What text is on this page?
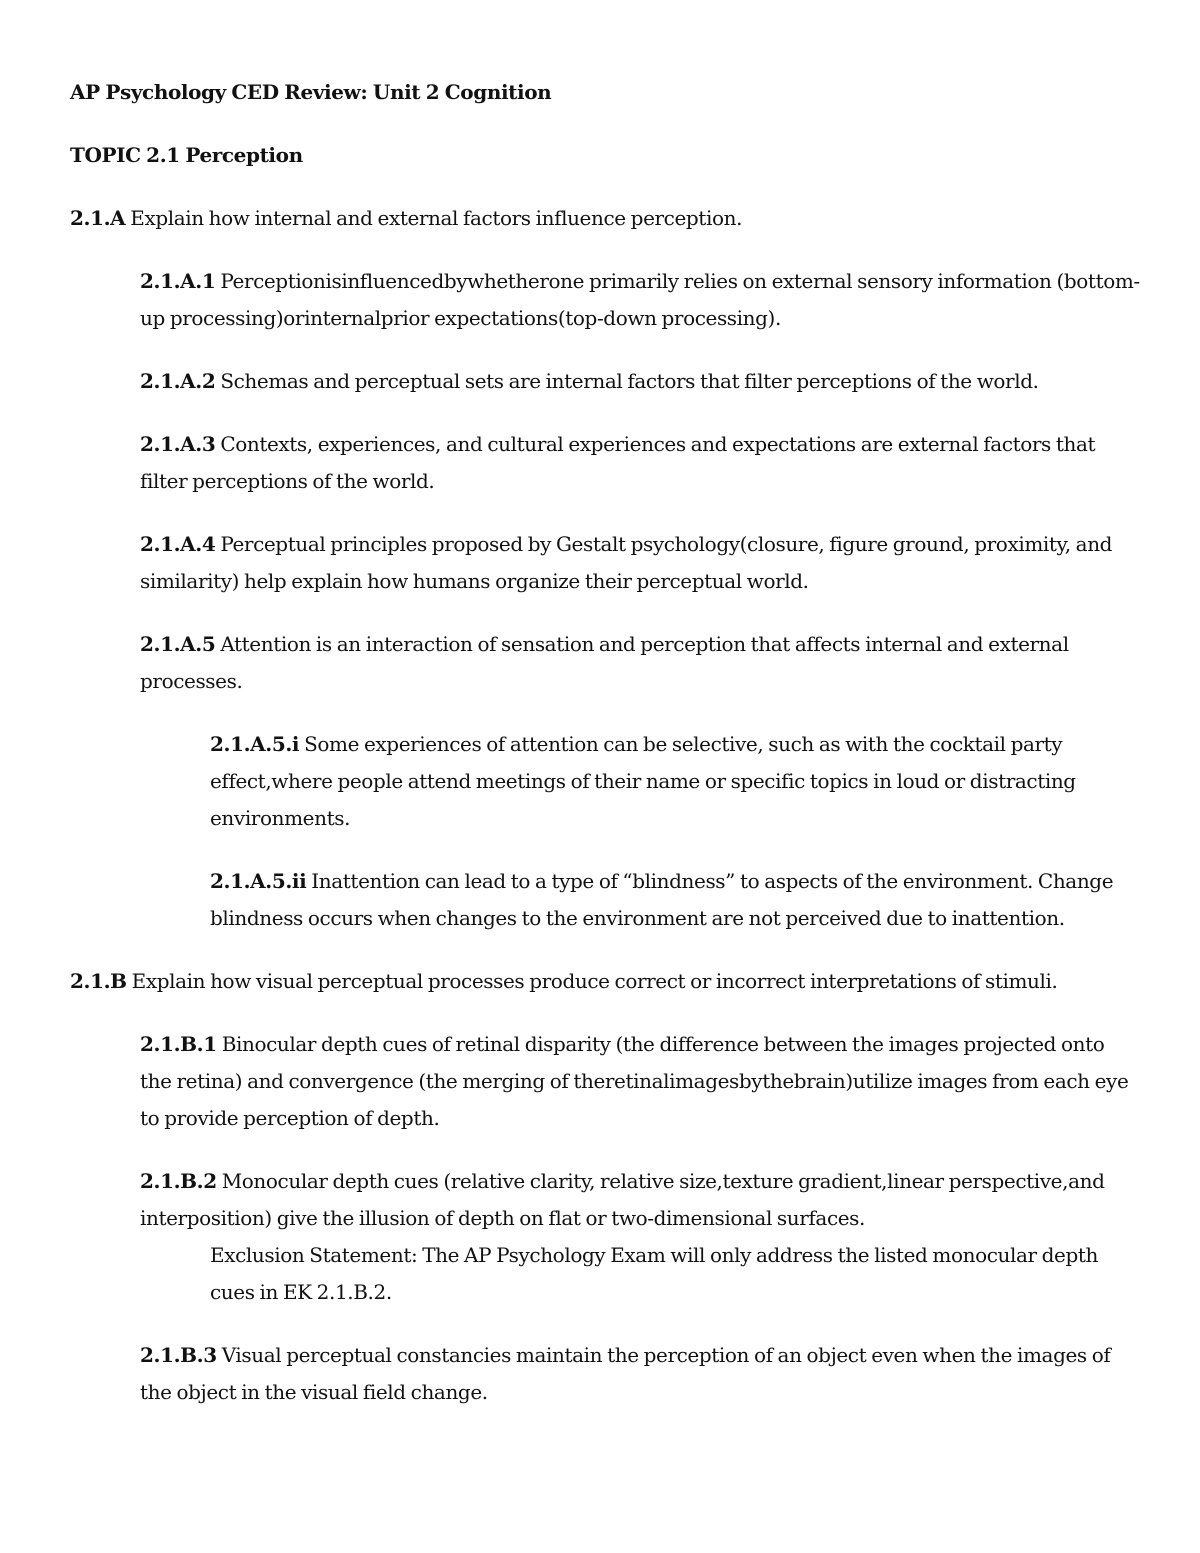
AP Psychology CED Review: Unit 2 Cognition
TOPIC 2.1 Perception
2.1.A Explain how internal and external factors influence perception.
2.1.A.1 Perceptionisinfluencedbywhetherone primarily relies on external sensory information (bottom-up processing)orinternalprior expectations(top-down processing).
2.1.A.2 Schemas and perceptual sets are internal factors that filter perceptions of the world.
2.1.A.3 Contexts, experiences, and cultural experiences and expectations are external factors that filter perceptions of the world.
2.1.A.4 Perceptual principles proposed by Gestalt psychology(closure, figure ground, proximity, and similarity) help explain how humans organize their perceptual world.
2.1.A.5 Attention is an interaction of sensation and perception that affects internal and external processes.
2.1.A.5.i Some experiences of attention can be selective, such as with the cocktail party effect,where people attend meetings of their name or specific topics in loud or distracting environments.
2.1.A.5.ii Inattention can lead to a type of “blindness” to aspects of the environment. Change blindness occurs when changes to the environment are not perceived due to inattention.
2.1.B Explain how visual perceptual processes produce correct or incorrect interpretations of stimuli.
2.1.B.1 Binocular depth cues of retinal disparity (the difference between the images projected onto the retina) and convergence (the merging of theretinalimagesbythebrain)utilize images from each eye to provide perception of depth.
2.1.B.2 Monocular depth cues (relative clarity, relative size,texture gradient,linear perspective,and interposition) give the illusion of depth on flat or two-dimensional surfaces.
Exclusion Statement: The AP Psychology Exam will only address the listed monocular depth cues in EK 2.1.B.2.
2.1.B.3 Visual perceptual constancies maintain the perception of an object even when the images of the object in the visual field change.
